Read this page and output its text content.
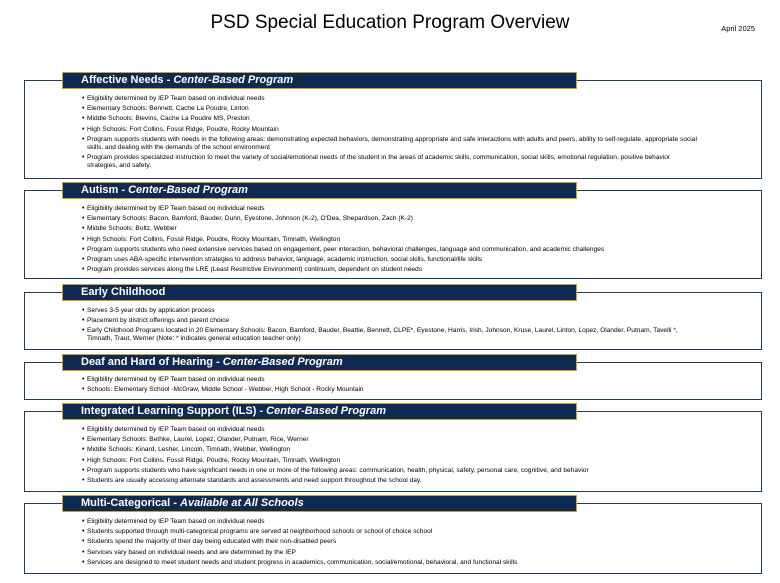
PSD Special Education Program Overview	April 2025
Affective Needs - Center-Based Program
• Eligibility determined by IEP Team based on individual needs
• Elementary Schools: Bennett, Cache La Poudre, Linton
• Middle Schools: Blevins, Cache La Poudre MS, Preston
• High Schools: Fort Collins, Fossil Ridge, Poudre, Rocky Mountain
• Program supports students with needs in the following areas: demonstrating expected behaviors, demonstrating appropriate and safe interactions with adults and peers, ability to self-regulate, appropriate social skills, and dealing with the demands of the school environment
• Program provides specialized instruction to meet the variety of social/emotional needs of the student in the areas of academic skills, communication, social skills, emotional regulation, positive behavior strategies, and safety.
Autism - Center-Based Program
• Eligibility determined by IEP Team based on individual needs
• Elementary Schools: Bacon, Bamford, Bauder, Dunn, Eyestone, Johnson (K-2), O'Dea, Shepardson, Zach (K-2)
• Middle Schools: Boltz, Webber
• High Schools: Fort Collins, Fossil Ridge, Poudre, Rocky Mountain, Timnath, Wellington
• Program supports students who need extensive services based on engagement, peer interaction, behavioral challenges, language and communication, and academic challenges
• Program uses ABA-specific intervention strategies to address behavior, language, academic instruction, social skills, functional/life skills
• Program provides services along the LRE (Least Restrictive Environment) continuum, dependent on student needs
Early Childhood
• Serves 3-5 year olds by application process
• Placement by district offerings and parent choice
• Early Childhood Programs located in 20 Elementary Schools: Bacon, Bamford, Bauder, Beattie, Bennett, CLPE*, Eyestone, Harris, Irish, Johnson, Kruse, Laurel, Linton, Lopez, Olander, Putnam, Tavelli *, Timnath, Traut, Werner (Note: * indicates general education teacher only)
Deaf and Hard of Hearing - Center-Based Program
• Eligibility determined by IEP Team based on individual needs
• Schools: Elementary School -McGraw, Middle School - Webber, High School - Rocky Mountain
Integrated Learning Support (ILS) - Center-Based Program
• Eligibility determined by IEP Team based on individual needs
• Elementary Schools: Bethke, Laurel, Lopez, Olander, Putnam, Rice, Werner
• Middle Schools: Kinard, Lesher, Lincoln, Timnath, Webber, Wellington
• High Schools: Fort Collins, Fossil Ridge, Poudre, Rocky Mountain, Timnath, Wellington
• Program supports students who have significant needs in one or more of the following areas: communication, health, physical, safety, personal care, cognitive, and behavior
• Students are usually accessing alternate standards and assessments and need support throughout the school day.
Multi-Categorical - Available at All Schools
• Eligibility determined by IEP Team based on individual needs
• Students supported through multi-categorical programs are served at neighborhood schools or school of choice school
• Students spend the majority of their day being educated with their non-disabled peers
• Services vary based on individual needs and are determined by the IEP
• Services are designed to meet student needs and student progress in academics, communication, social/emotional, behavioral, and functional skills
